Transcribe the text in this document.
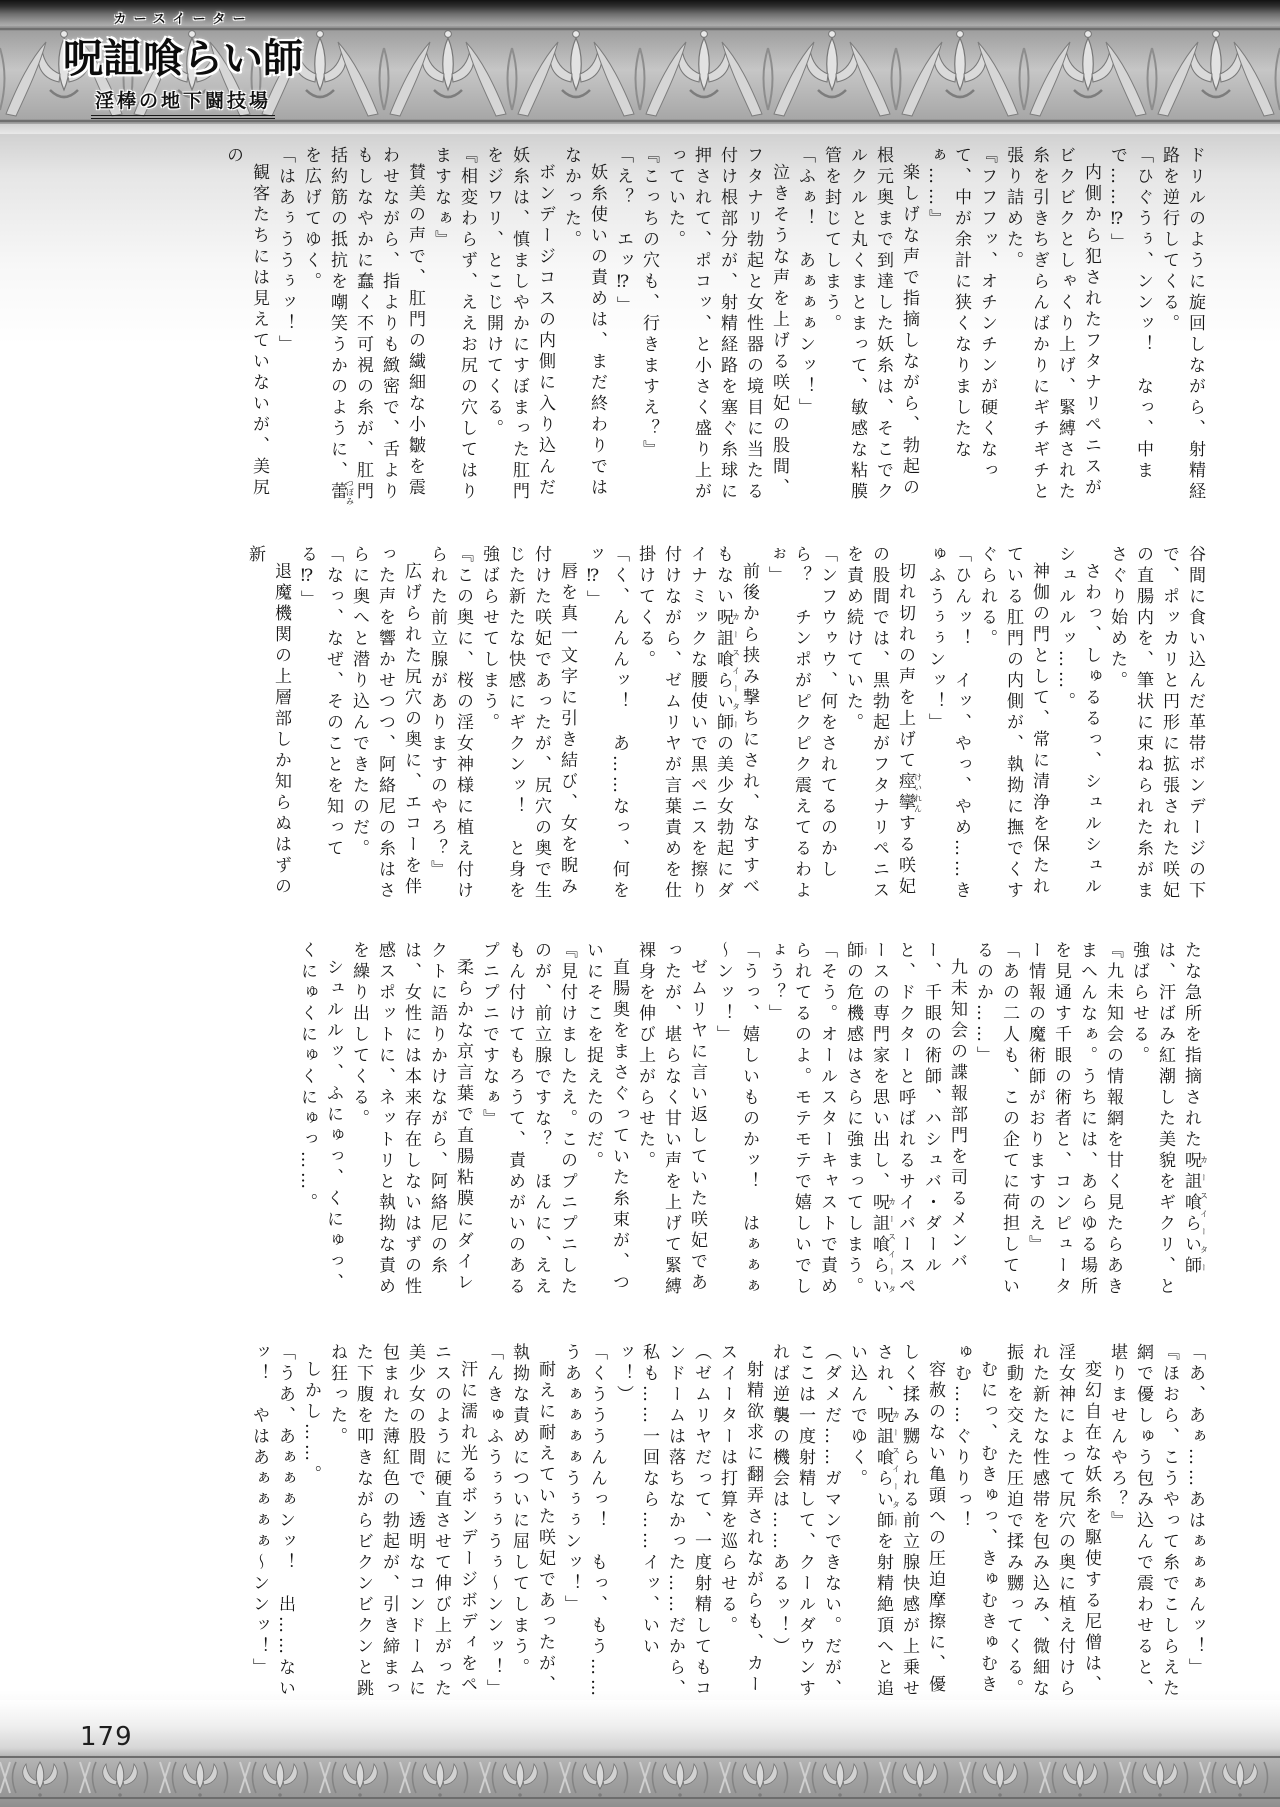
カースイーター
呪詛喰らい師
淫棒の地下闘技場

ドリルのように旋回しながら、射精経路を逆行してくる。

「ひぐうぅ、ンンッ！　なっ、中まで……⁉」

内側から犯されたフタナリペニスがビクビクとしゃくり上げ、緊縛された糸を引きちぎらんばかりにギチギチと張り詰めた。

『フフフッ、オチンチンが硬くなって、中が余計に狭くなりましたなぁ……』

楽しげな声で指摘しながら、勃起の根元奥まで到達した妖糸は、そこでクルクルと丸くまとまって、敏感な粘膜管を封じてしまう。

「ふぁ！　あぁぁぁンッ！」

泣きそうな声を上げる咲妃の股間、フタナリ勃起と女性器の境目に当たる付け根部分が、射精経路を塞ぐ糸球に押されて、ポコッ、と小さく盛り上がっていた。

『こっちの穴も、行きますえ？』

「え？　エッ⁉」

妖糸使いの責めは、まだ終わりではなかった。

ボンデージコスの内側に入り込んだ妖糸は、慎ましやかにすぼまった肛門をジワリ、とこじ開けてくる。

『相変わらず、ええお尻の穴してはりますなぁ』

賛美の声で、肛門の繊細な小皺を震わせながら、指よりも緻密で、舌よりもしなやかに蠢く不可視の糸が、肛門括約筋の抵抗を嘲笑うかのように、蕾つぼみを広げてゆく。

「はあぅううぅッ！」

観客たちには見えていないが、美尻の

谷間に食い込んだ革帯ボンデージの下で、ポッカリと円形に拡張された咲妃の直腸内を、筆状に束ねられた糸がまさぐり始めた。

さわっ、しゅるるっ、シュルシュルシュルルッ……。

神伽の門として、常に清浄を保たれている肛門の内側が、執拗に撫でくすぐられる。

「ひんッ！　イッ、やっ、やめ……きゅふうぅぅンッ！」

切れ切れの声を上げて痙攣けいれんする咲妃の股間では、黒勃起がフタナリペニスを責め続けていた。

「ンフウゥウ、何をされてるのかしら？　チンポがピクピク震えてるわよぉ」

前後から挟み撃ちにされ、なすすべもない呪詛喰らい師カースイーターの美少女勃起にダイナミックな腰使いで黒ペニスを擦り付けながら、ゼムリヤが言葉責めを仕掛けてくる。

「く、んんんッ！　あ……なっ、何をッ⁉」

唇を真一文字に引き結び、女を睨み付けた咲妃であったが、尻穴の奥で生じた新たな快感にギクンッ！　と身を強ばらせてしまう。

『この奥に、桜の淫女神様に植え付けられた前立腺がありますのやろ？』

広げられた尻穴の奥に、エコーを伴った声を響かせつつ、阿絡尼の糸はさらに奥へと潜り込んできたのだ。

「なっ、なぜ、そのことを知ってる⁉」

退魔機関の上層部しか知らぬはずの新

たな急所を指摘された呪詛喰らい師カースイーターは、汗ばみ紅潮した美貌をギクリ、と強ばらせる。

『九未知会の情報網を甘く見たらあきまへんなぁ。うちには、あらゆる場所を見通す千眼の術者と、コンピューター情報の魔術師がおりますのえ』

「あの二人も、この企てに荷担しているのか……」

九未知会の諜報部門を司るメンバー、千眼の術師、ハシュバ・ダールと、ドクターと呼ばれるサイバースペースの専門家を思い出し、呪詛喰らい師カースイーターの危機感はさらに強まってしまう。

「そう。オールスターキャストで責められてるのよ。モテモテで嬉しいでしょう？」

「うっ、嬉しいものかッ！　はぁぁぁ～ンッ！」

ゼムリヤに言い返していた咲妃であったが、堪らなく甘い声を上げて緊縛裸身を伸び上がらせた。

直腸奥をまさぐっていた糸束が、ついにそこを捉えたのだ。

『見付けましたえ。このプニプニしたのが、前立腺ですな？　ほんに、ええもん付けてもろうて、責めがいのあるプニプニですなぁ』

柔らかな京言葉で直腸粘膜にダイレクトに語りかけながら、阿絡尼の糸は、女性には本来存在しないはずの性感スポットに、ネットリと執拗な責めを繰り出してくる。

シュルルッ、ふにゅっ、くにゅっ、くにゅくにゅくにゅっ……。

「あ、あぁ……あはぁぁぁんッ！」

『ほおら、こうやって糸でこしらえた網で優しゅう包み込んで震わせると、堪りませんやろ？』

変幻自在な妖糸を駆使する尼僧は、淫女神によって尻穴の奥に植え付けられた新たな性感帯を包み込み、微細な振動を交えた圧迫で揉み嬲ってくる。

むにっ、むきゅっ、きゅむきゅむきゅむ……ぐりりっ！

容赦のない亀頭への圧迫摩擦に、優しく揉み嬲られる前立腺快感が上乗せされ、呪詛喰らい師カースイーターを射精絶頂へと追い込んでゆく。

（ダメだ……ガマンできない。だが、ここは一度射精して、クールダウンすれば逆襲の機会は……あるッ！）

射精欲求に翻弄されながらも、カースイーターは打算を巡らせる。

（ゼムリヤだって、一度射精してもコンドームは落ちなかった……だから、私も……一回なら……イッ、いいッ！）

「くうううんんっ！　もっ、もう……うあぁぁぁぁうぅぅンッ！」

耐えに耐えていた咲妃であったが、執拗な責めについに屈してしまう。

「んきゅふうぅぅぅうぅ～ンンッ！」

汗に濡れ光るボンデージボディをペニスのように硬直させて伸び上がった美少女の股間で、透明なコンドームに包まれた薄紅色の勃起が、引き締まった下腹を叩きながらビクンビクンと跳ね狂った。

しかし……。

「うあ、あぁぁぁンッ！　出……ないッ！　やはあぁぁぁぁ～ンンッ！」

179
